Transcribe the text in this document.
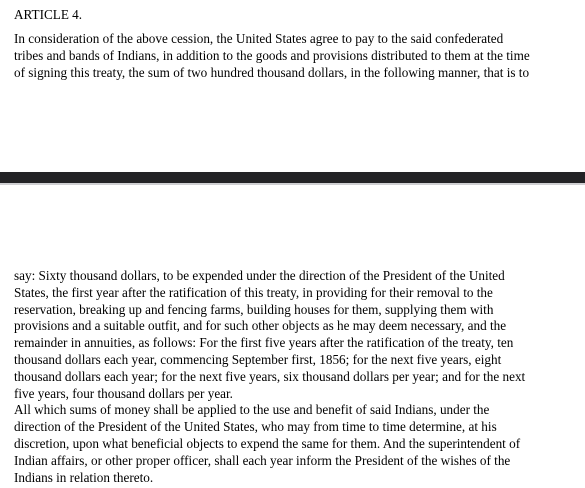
ARTICLE 4.
In consideration of the above cession, the United States agree to pay to the said confederated
tribes and bands of Indians, in addition to the goods and provisions distributed to them at the time
of signing this treaty, the sum of two hundred thousand dollars, in the following manner, that is to
say: Sixty thousand dollars, to be expended under the direction of the President of the United
States, the first year after the ratification of this treaty, in providing for their removal to the
reservation, breaking up and fencing farms, building houses for them, supplying them with
provisions and a suitable outfit, and for such other objects as he may deem necessary, and the
remainder in annuities, as follows: For the first five years after the ratification of the treaty, ten
thousand dollars each year, commencing September first, 1856; for the next five years, eight
thousand dollars each year; for the next five years, six thousand dollars per year; and for the next
five years, four thousand dollars per year.
All which sums of money shall be applied to the use and benefit of said Indians, under the
direction of the President of the United States, who may from time to time determine, at his
discretion, upon what beneficial objects to expend the same for them. And the superintendent of
Indian affairs, or other proper officer, shall each year inform the President of the wishes of the
Indians in relation thereto.
